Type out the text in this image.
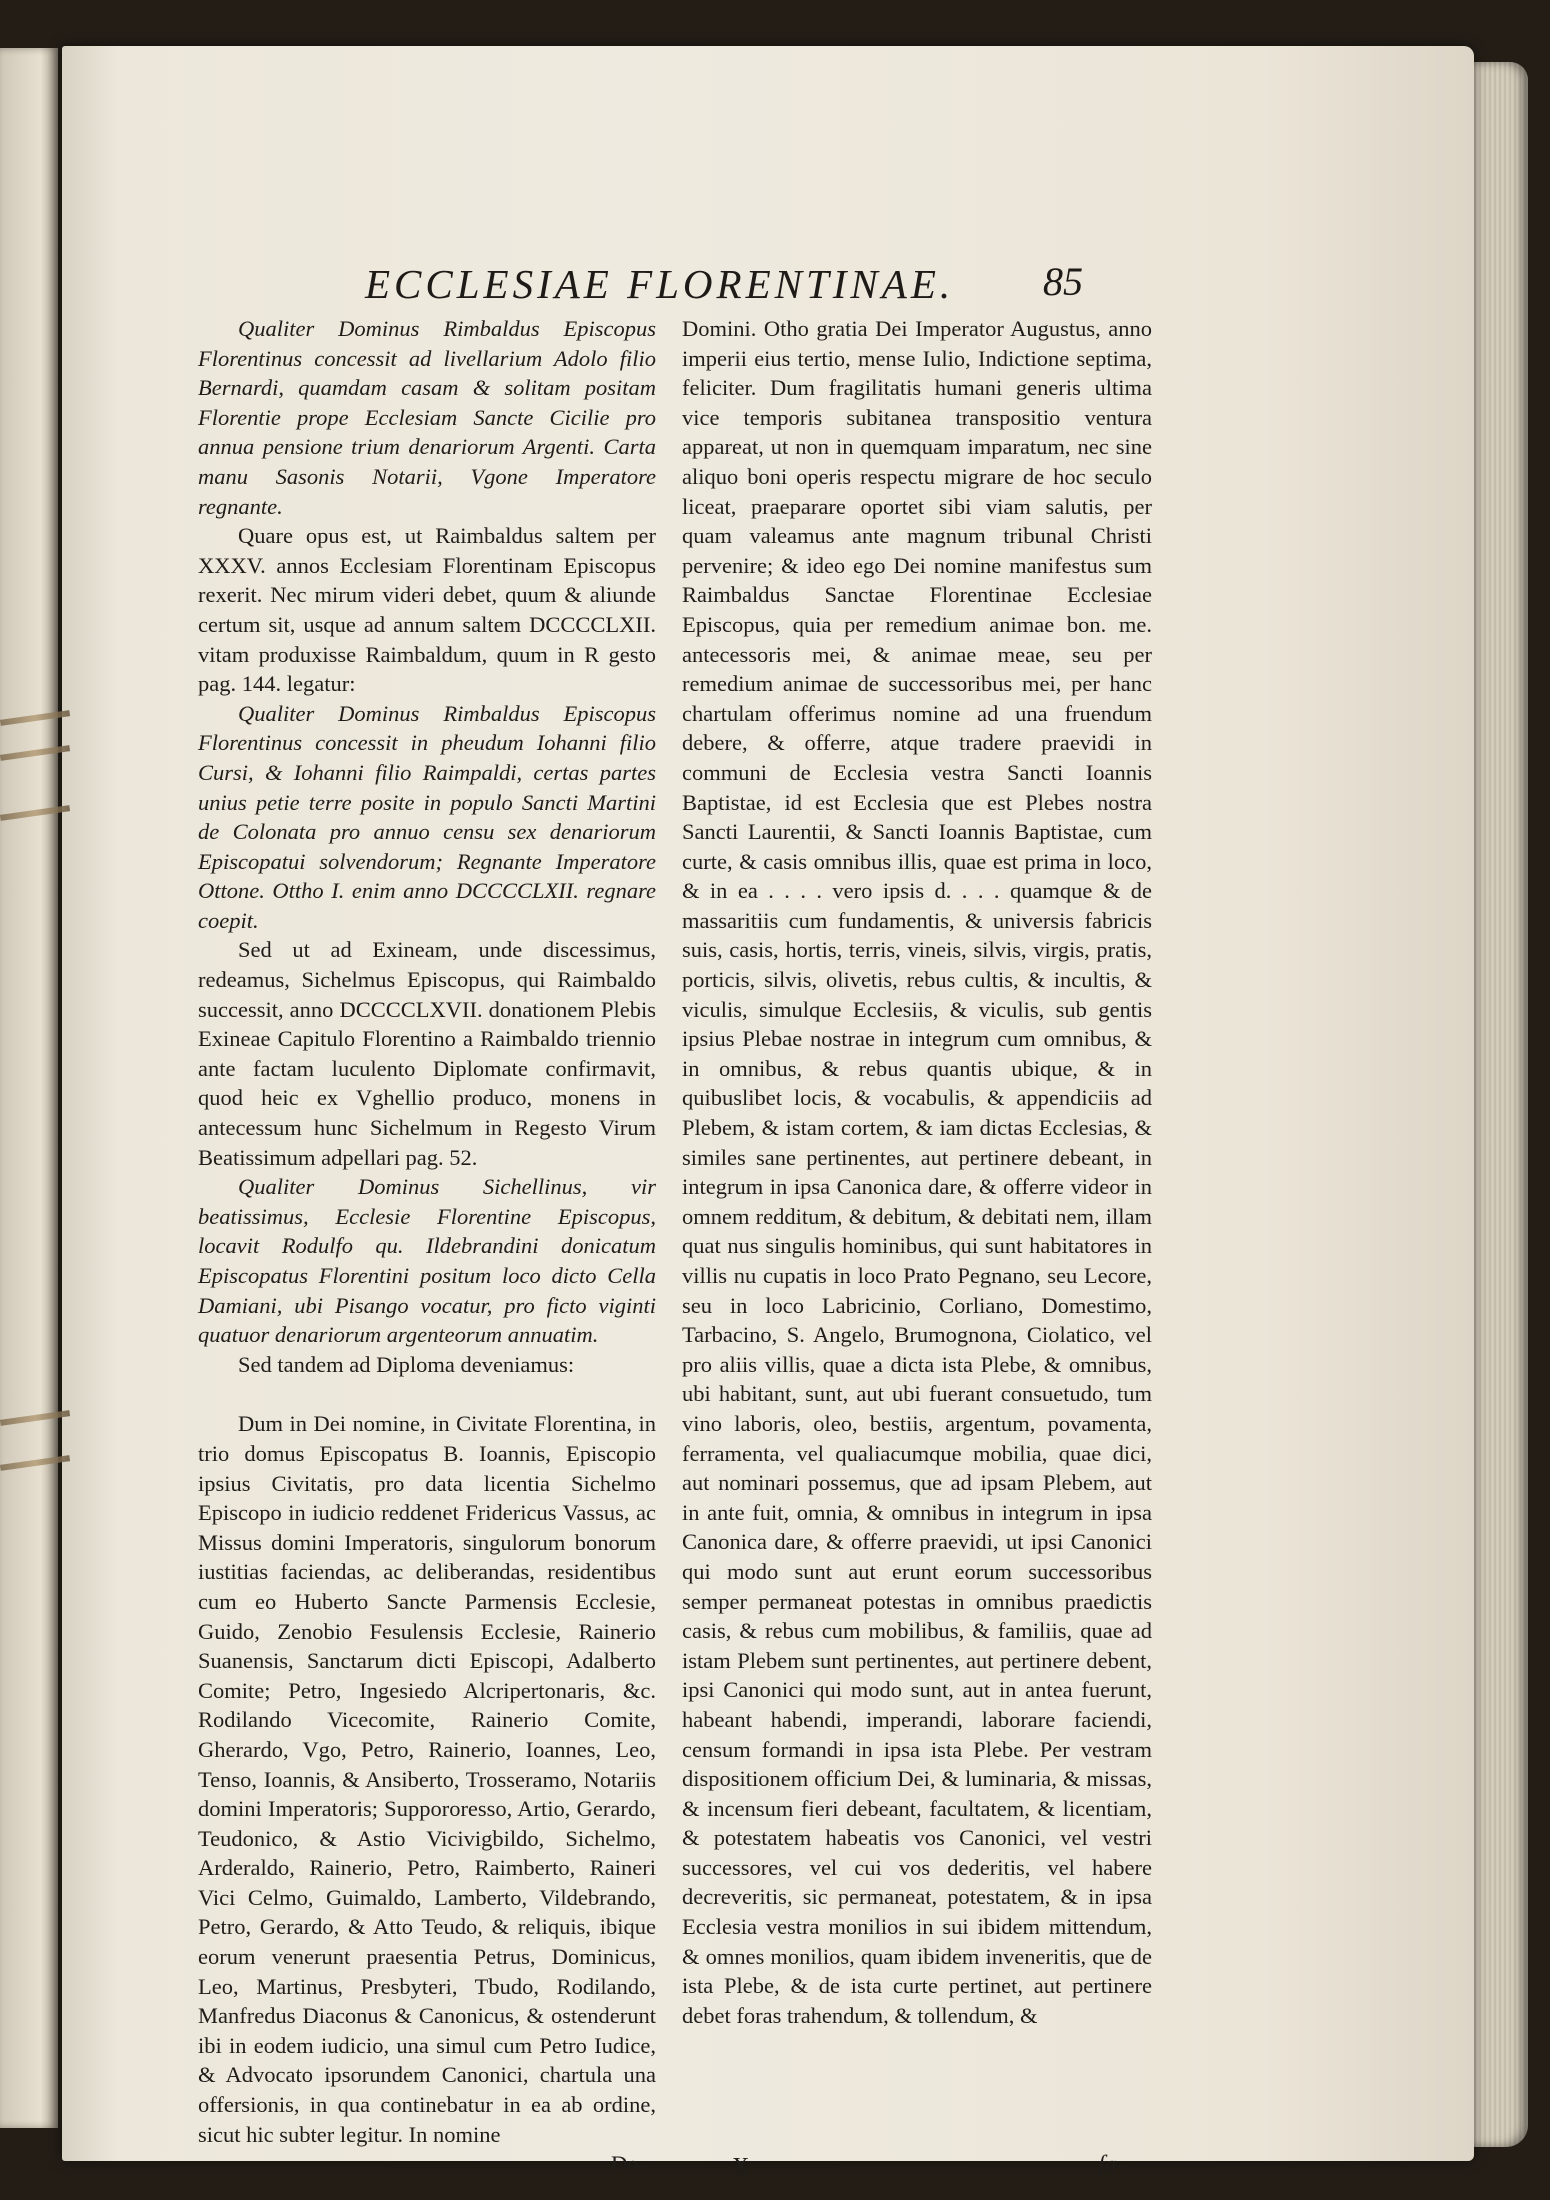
ECCLESIAE FLORENTINAE.	85

Qualiter Dominus Rimbaldus Episcopus Florentinus concessit ad livellarium Adolo filio Bernardi, quamdam casam & solitam positam Florentie prope Ecclesiam Sancte Cicilie pro annua pensione trium denariorum Argenti. Carta manu Sasonis Notarii, Vgone Imperatore regnante.

Quare opus est, ut Raimbaldus saltem per XXXV. annos Ecclesiam Florentinam Episcopus rexerit. Nec mirum videri debet, quum & aliunde certum sit, usque ad annum saltem DCCCCLXII. vitam produxisse Raimbaldum, quum in R gesto pag. 144. legatur:

Qualiter Dominus Rimbaldus Episcopus Florentinus concessit in pheudum Iohanni filio Cursi, & Iohanni filio Raimpaldi, certas partes unius petie terre posite in populo Sancti Martini de Colonata pro annuo censu sex denariorum Episcopatui solvendorum; Regnante Imperatore Ottone. Ottho I. enim anno DCCCCLXII. regnare coepit.

Sed ut ad Exineam, unde discessimus, redeamus, Sichelmus Episcopus, qui Raimbaldo successit, anno DCCCCLXVII. donationem Plebis Exineae Capitulo Florentino a Raimbaldo triennio ante factam luculento Diplomate confirmavit, quod heic ex Vghellio produco, monens in antecessum hunc Sichelmum in Regesto Virum Beatissimum adpellari pag. 52.

Qualiter Dominus Sichellinus, vir beatissimus, Ecclesie Florentine Episcopus, locavit Rodulfo qu. Ildebrandini donicatum Episcopatus Florentini positum loco dicto Cella Damiani, ubi Pisango vocatur, pro ficto viginti quatuor denariorum argenteorum annuatim.

Sed tandem ad Diploma deveniamus:

Dum in Dei nomine, in Civitate Florentina, in trio domus Episcopatus B. Ioannis, Episcopio ipsius Civitatis, pro data licentia Sichelmo Episcopo in iudicio reddenet Fridericus Vassus, ac Missus domini Imperatoris, singulorum bonorum iustitias faciendas, ac deliberandas, residentibus cum eo Huberto Sancte Parmensis Ecclesie, Guido, Zenobio Fesulensis Ecclesie, Rainerio Suanensis, Sanctarum dicti Episcopi, Adalberto Comite; Petro, Ingesiedo Alcripertonaris, &c. Rodilando Vicecomite, Rainerio Comite, Gherardo, Vgo, Petro, Rainerio, Ioannes, Leo, Tenso, Ioannis, & Ansiberto, Trosseramo, Notariis domini Imperatoris; Suppororesso, Artio, Gerardo, Teudonico, & Astio Vicivigbildo, Sichelmo, Arderaldo, Rainerio, Petro, Raimberto, Raineri Vici Celmo, Guimaldo, Lamberto, Vildebrando, Petro, Gerardo, & Atto Teudo, & reliquis, ibique eorum venerunt praesentia Petrus, Dominicus, Leo, Martinus, Presbyteri, Tbudo, Rodilando, Manfredus Diaconus & Canonicus, & ostenderunt ibi in eodem iudicio, una simul cum Petro Iudice, & Advocato ipsorundem Canonici, chartula una offersionis, in qua continebatur in ea ab ordine, sicut hic subter legitur. In nomine

Do-

Domini. Otho gratia Dei Imperator Augustus, anno imperii eius tertio, mense Iulio, Indictione septima, feliciter. Dum fragilitatis humani generis ultima vice temporis subitanea transpositio ventura appareat, ut non in quemquam imparatum, nec sine aliquo boni operis respectu migrare de hoc seculo liceat, praeparare oportet sibi viam salutis, per quam valeamus ante magnum tribunal Christi pervenire; & ideo ego Dei nomine manifestus sum Raimbaldus Sanctae Florentinae Ecclesiae Episcopus, quia per remedium animae bon. me. antecessoris mei, & animae meae, seu per remedium animae de successoribus mei, per hanc chartulam offerimus nomine ad una fruendum debere, & offerre, atque tradere praevidi in communi de Ecclesia vestra Sancti Ioannis Baptistae, id est Ecclesia que est Plebes nostra Sancti Laurentii, & Sancti Ioannis Baptistae, cum curte, & casis omnibus illis, quae est prima in loco, & in ea . . . . vero ipsis d. . . . quamque & de massaritiis cum fundamentis, & universis fabricis suis, casis, hortis, terris, vineis, silvis, virgis, pratis, porticis, silvis, olivetis, rebus cultis, & incultis, & viculis, simulque Ecclesiis, & viculis, sub gentis ipsius Plebae nostrae in integrum cum omnibus, & in omnibus, & rebus quantis ubique, & in quibuslibet locis, & vocabulis, & appendiciis ad Plebem, & istam cortem, & iam dictas Ecclesias, & similes sane pertinentes, aut pertinere debeant, in integrum in ipsa Canonica dare, & offerre videor in omnem redditum, & debitum, & debitati nem, illam quat nus singulis hominibus, qui sunt habitatores in villis nu cupatis in loco Prato Pegnano, seu Lecore, seu in loco Labricinio, Corliano, Domestimo, Tarbacino, S. Angelo, Brumognona, Ciolatico, vel pro aliis villis, quae a dicta ista Plebe, & omnibus, ubi habitant, sunt, aut ubi fuerant consuetudo, tum vino laboris, oleo, bestiis, argentum, povamenta, ferramenta, vel qualiacumque mobilia, quae dici, aut nominari possemus, que ad ipsam Plebem, aut in ante fuit, omnia, & omnibus in integrum in ipsa Canonica dare, & offerre praevidi, ut ipsi Canonici qui modo sunt aut erunt eorum successoribus semper permaneat potestas in omnibus praedictis casis, & rebus cum mobilibus, & familiis, quae ad istam Plebem sunt pertinentes, aut pertinere debent, ipsi Canonici qui modo sunt, aut in antea fuerunt, habeant habendi, imperandi, laborare faciendi, censum formandi in ipsa ista Plebe. Per vestram dispositionem officium Dei, & luminaria, & missas, & incensum fieri debeant, facultatem, & licentiam, & potestatem habeatis vos Canonici, vel vestri successores, vel cui vos dederitis, vel habere decreveritis, sic permaneat, potestatem, & in ipsa Ecclesia vestra monilios in sui ibidem mittendum, & omnes monilios, quam ibidem inveneritis, que de ista Plebe, & de ista curte pertinet, aut pertinere debet foras trahendum, & tollendum, &

X	fa-
